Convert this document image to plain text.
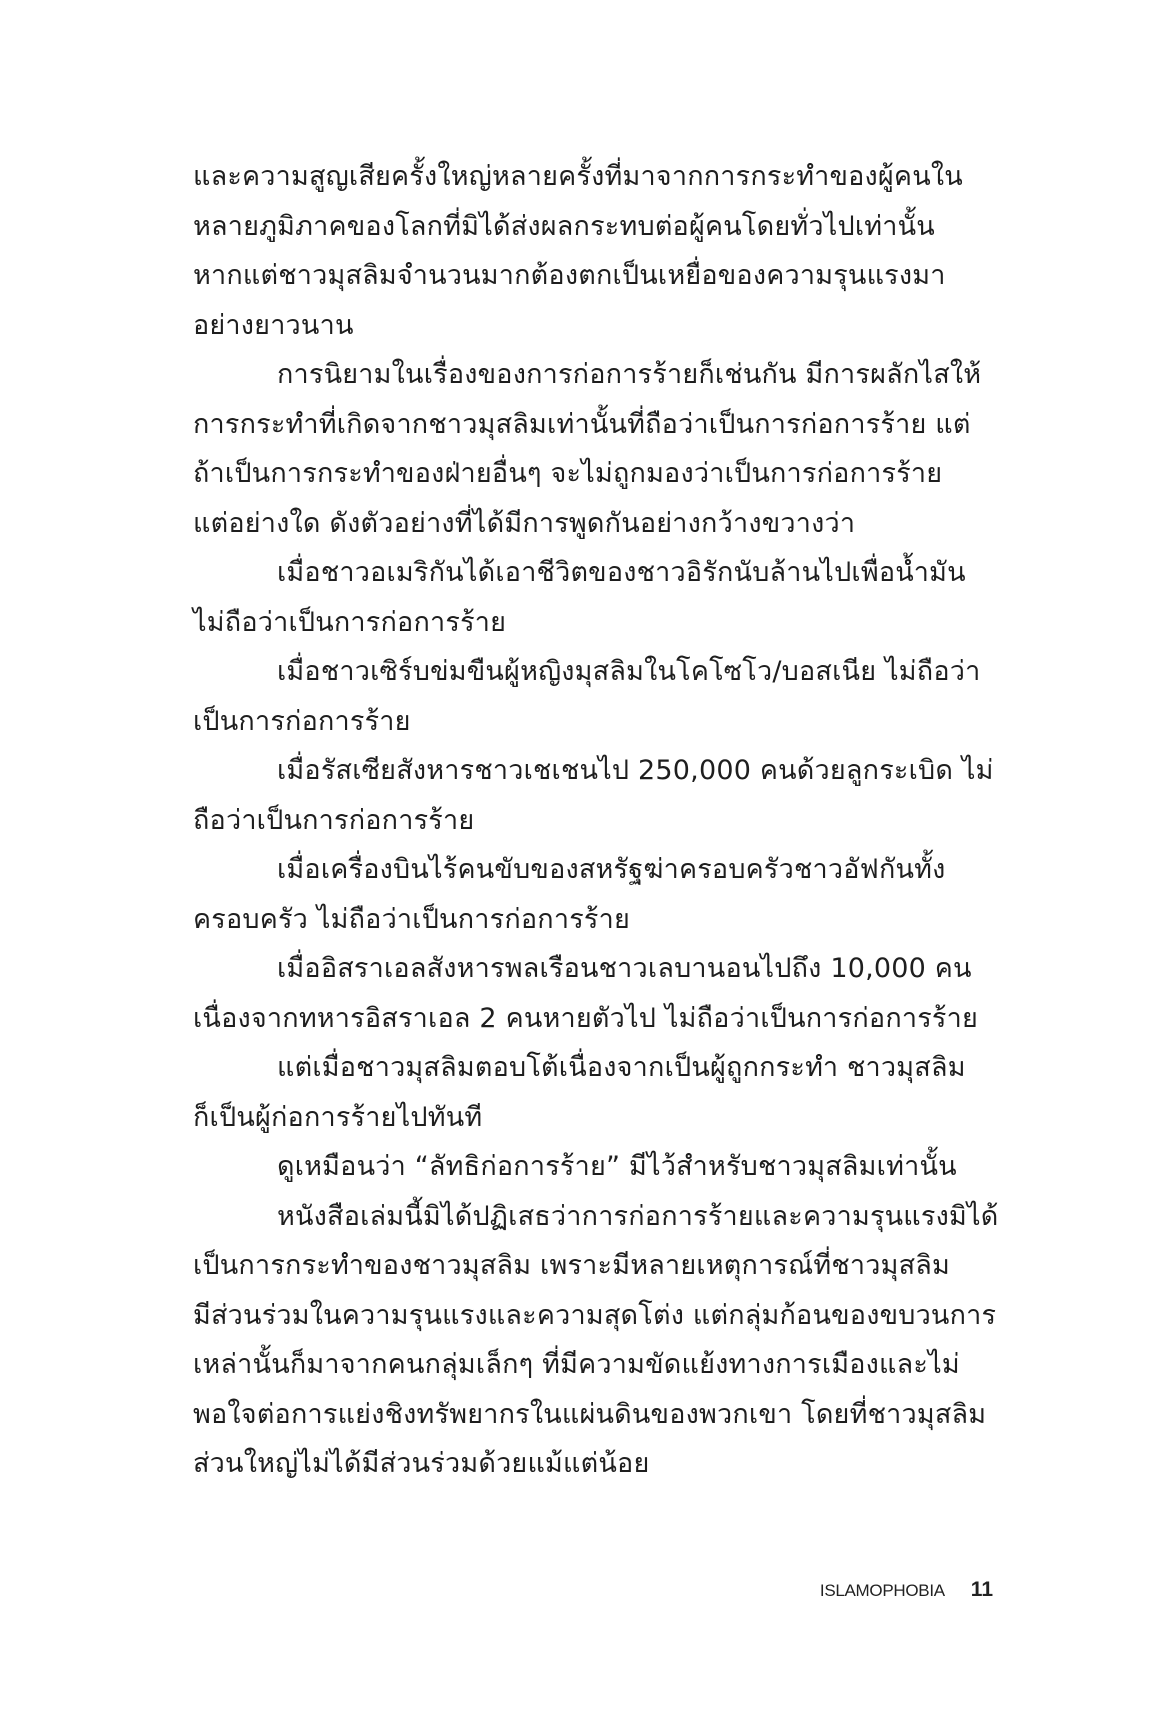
และความสูญเสียครั้งใหญ่หลายครั้งที่มาจากการกระทำของผู้คนใน
หลายภูมิภาคของโลกที่มิได้ส่งผลกระทบต่อผู้คนโดยทั่วไปเท่านั้น
หากแต่ชาวมุสลิมจำนวนมากต้องตกเป็นเหยื่อของความรุนแรงมา
อย่างยาวนาน
การนิยามในเรื่องของการก่อการร้ายก็เช่นกัน มีการผลักไสให้
การกระทำที่เกิดจากชาวมุสลิมเท่านั้นที่ถือว่าเป็นการก่อการร้าย แต่
ถ้าเป็นการกระทำของฝ่ายอื่นๆ จะไม่ถูกมองว่าเป็นการก่อการร้าย
แต่อย่างใด ดังตัวอย่างที่ได้มีการพูดกันอย่างกว้างขวางว่า
เมื่อชาวอเมริกันได้เอาชีวิตของชาวอิรักนับล้านไปเพื่อน้ำมัน
ไม่ถือว่าเป็นการก่อการร้าย
เมื่อชาวเซิร์บข่มขืนผู้หญิงมุสลิมในโคโซโว/บอสเนีย ไม่ถือว่า
เป็นการก่อการร้าย
เมื่อรัสเซียสังหารชาวเชเชนไป 250,000 คนด้วยลูกระเบิด ไม่
ถือว่าเป็นการก่อการร้าย
เมื่อเครื่องบินไร้คนขับของสหรัฐฆ่าครอบครัวชาวอัฟกันทั้ง
ครอบครัว ไม่ถือว่าเป็นการก่อการร้าย
เมื่ออิสราเอลสังหารพลเรือนชาวเลบานอนไปถึง 10,000 คน
เนื่องจากทหารอิสราเอล 2 คนหายตัวไป ไม่ถือว่าเป็นการก่อการร้าย
แต่เมื่อชาวมุสลิมตอบโต้เนื่องจากเป็นผู้ถูกกระทำ ชาวมุสลิม
ก็เป็นผู้ก่อการร้ายไปทันที
ดูเหมือนว่า “ลัทธิก่อการร้าย” มีไว้สำหรับชาวมุสลิมเท่านั้น
หนังสือเล่มนี้มิได้ปฏิเสธว่าการก่อการร้ายและความรุนแรงมิได้
เป็นการกระทำของชาวมุสลิม เพราะมีหลายเหตุการณ์ที่ชาวมุสลิม
มีส่วนร่วมในความรุนแรงและความสุดโต่ง แต่กลุ่มก้อนของขบวนการ
เหล่านั้นก็มาจากคนกลุ่มเล็กๆ ที่มีความขัดแย้งทางการเมืองและไม่
พอใจต่อการแย่งชิงทรัพยากรในแผ่นดินของพวกเขา โดยที่ชาวมุสลิม
ส่วนใหญ่ไม่ได้มีส่วนร่วมด้วยแม้แต่น้อย
ISLAMOPHOBIA 11
